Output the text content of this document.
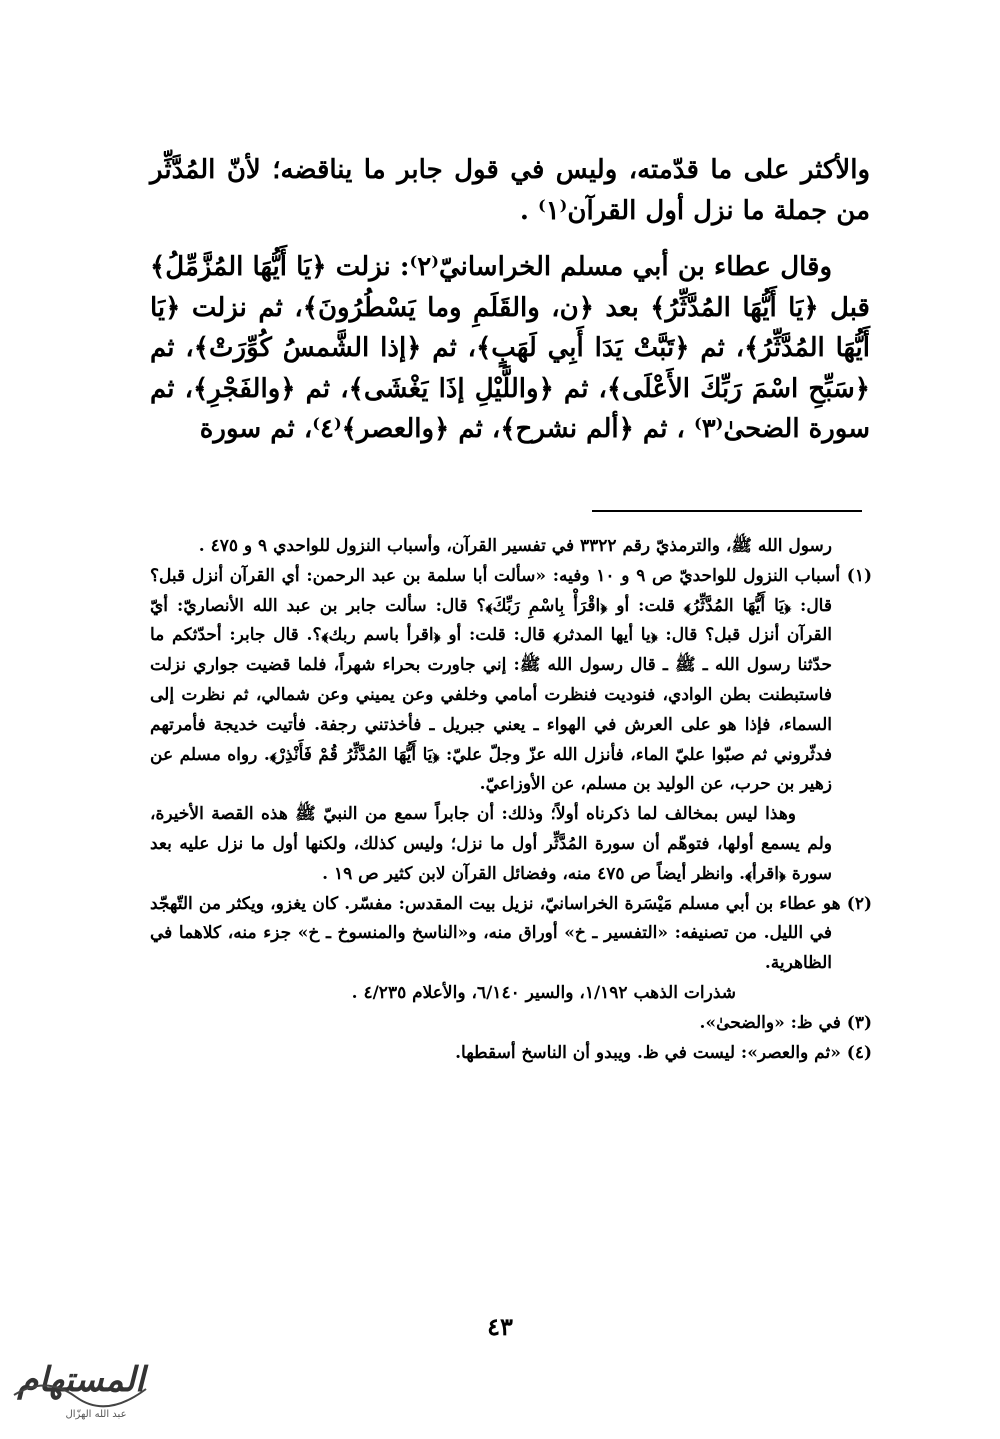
والأكثر على ما قدّمته، وليس في قول جابر ما يناقضه؛ لأنّ المُدَّثِّر من جملة ما نزل أول القرآن⁽١⁾ .

وقال عطاء بن أبي مسلم الخراسانيّ⁽٢⁾: نزلت ﴿يَا أَيُّهَا المُزَّمِّلُ﴾ قبل ﴿يَا أَيُّهَا المُدَّثِّرُ﴾ بعد ﴿ن، والقَلَمِ وما يَسْطُرُونَ﴾، ثم نزلت ﴿يَا أَيُّهَا المُدَّثِّرُ﴾، ثم ﴿تَبَّتْ يَدَا أَبِي لَهَبٍ﴾، ثم ﴿إذا الشَّمسُ كُوِّرَتْ﴾، ثم ﴿سَبِّحِ اسْمَ رَبِّكَ الأَعْلَى﴾، ثم ﴿واللَّيْلِ إذَا يَغْشَى﴾، ثم ﴿والفَجْرِ﴾، ثم سورة الضحىٰ⁽٣⁾ ، ثم ﴿ألم نشرح﴾، ثم ﴿والعصر﴾⁽٤⁾، ثم سورة

رسول الله ﷺ، والترمذيّ رقم ٣٣٢٢ في تفسير القرآن، وأسباب النزول للواحدي ٩ و ٤٧٥ .

(١) أسباب النزول للواحديّ ص ٩ و ١٠ وفيه: «سألت أبا سلمة بن عبد الرحمن: أي القرآن أنزل قبل؟ قال: ﴿يَا أَيُّهَا المُدَّثِّرُ﴾ قلت: أو ﴿اقْرَأْ بِاسْمِ رَبِّكَ﴾؟ قال: سألت جابر بن عبد الله الأنصاريّ: أيّ القرآن أنزل قبل؟ قال: ﴿يا أيها المدثر﴾ قال: قلت: أو ﴿اقرأ باسم ربك﴾؟. قال جابر: أحدّثكم ما حدّثنا رسول الله ـ ﷺ ـ قال رسول الله ﷺ: إني جاورت بحراء شهراً، فلما قضيت جواري نزلت فاستبطنت بطن الوادي، فنوديت فنظرت أمامي وخلفي وعن يميني وعن شمالي، ثم نظرت إلى السماء، فإذا هو على العرش في الهواء ـ يعني جبريل ـ فأخذتني رجفة. فأتيت خديجة فأمرتهم فدثّروني ثم صبّوا عليّ الماء، فأنزل الله عزّ وجلّ عليّ: ﴿يَا أَيُّهَا المُدَّثِّرُ قُمْ فَأَنْذِرْ﴾. رواه مسلم عن زهير بن حرب، عن الوليد بن مسلم، عن الأوزاعيّ.

وهذا ليس بمخالف لما ذكرناه أولاً؛ وذلك: أن جابراً سمع من النبيّ ﷺ هذه القصة الأخيرة، ولم يسمع أولها، فتوهّم أن سورة المُدَّثِّر أول ما نزل؛ وليس كذلك، ولكنها أول ما نزل عليه بعد سورة ﴿اقرأ﴾. وانظر أيضاً ص ٤٧٥ منه، وفضائل القرآن لابن كثير ص ١٩ .

(٢) هو عطاء بن أبي مسلم مَيْسَرة الخراسانيّ، نزيل بيت المقدس: مفسّر. كان يغزو، ويكثر من التّهجّد في الليل. من تصنيفه: «التفسير ـ خ» أوراق منه، و«الناسخ والمنسوخ ـ خ» جزء منه، كلاهما في الظاهرية.

شذرات الذهب ١/١٩٢، والسير ٦/١٤٠، والأعلام ٤/٢٣٥ .

(٣) في ظ: «والضحىٰ».

(٤) «ثم والعصر»: ليست في ظ. ويبدو أن الناسخ أسقطها.

٤٣
المستهام
عبد الله الهزّال
